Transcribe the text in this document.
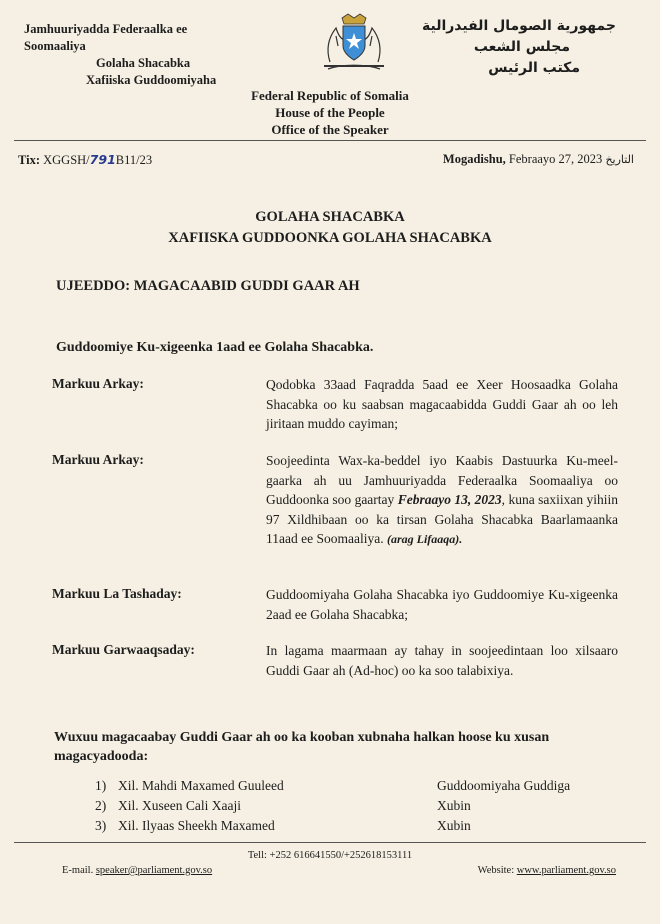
Jamhuuriyadda Federaalka ee
Soomaaliya
Golaha Shacabka
Xafiiska Guddoomiyaha
جمهورية الصومال الفيدرالية
مجلس الشعب
مكتب الرئيس
Federal Republic of Somalia
House of the People
Office of the Speaker
Tix: XGGSH/791B11/23	Mogadishu, Febraayo 27, 2023 التاريخ
GOLAHA SHACABKA
XAFIISKA GUDDOONKA GOLAHA SHACABKA
UJEEDDO: MAGACAABID GUDDI GAAR AH
Guddoomiye Ku-xigeenka 1aad ee Golaha Shacabka.
Markuu Arkay:	Qodobka 33aad Faqradda 5aad ee Xeer Hoosaadka Golaha Shacabka oo ku saabsan magacaabidda Guddi Gaar ah oo leh jiritaan muddo cayiman;
Markuu Arkay:	Soojeedinta Wax-ka-beddel iyo Kaabis Dastuurka Ku-meel-gaarka ah uu Jamhuuriyadda Federaalka Soomaaliya oo Guddoonka soo gaartay Febraayo 13, 2023, kuna saxiixan yihiin 97 Xildhibaan oo ka tirsan Golaha Shacabka Baarlamaanka 11aad ee Soomaaliya. (arag Lifaaqa).
Markuu La Tashaday:	Guddoomiyaha Golaha Shacabka iyo Guddoomiye Ku-xigeenka 2aad ee Golaha Shacabka;
Markuu Garwaaqsaday:	In lagama maarmaan ay tahay in soojeedintaan loo xilsaaro Guddi Gaar ah (Ad-hoc) oo ka soo talabixiya.
Wuxuu magacaabay Guddi Gaar ah oo ka kooban xubnaha halkan hoose ku xusan magacyadooda:
1) Xil. Mahdi Maxamed Guuleed	Guddoomiyaha Guddiga
2) Xil. Xuseen Cali Xaaji	Xubin
3) Xil. Ilyaas Sheekh Maxamed	Xubin
Tell: +252 616641550/+252618153111
E-mail. speaker@parliament.gov.so	Website: www.parliament.gov.so
